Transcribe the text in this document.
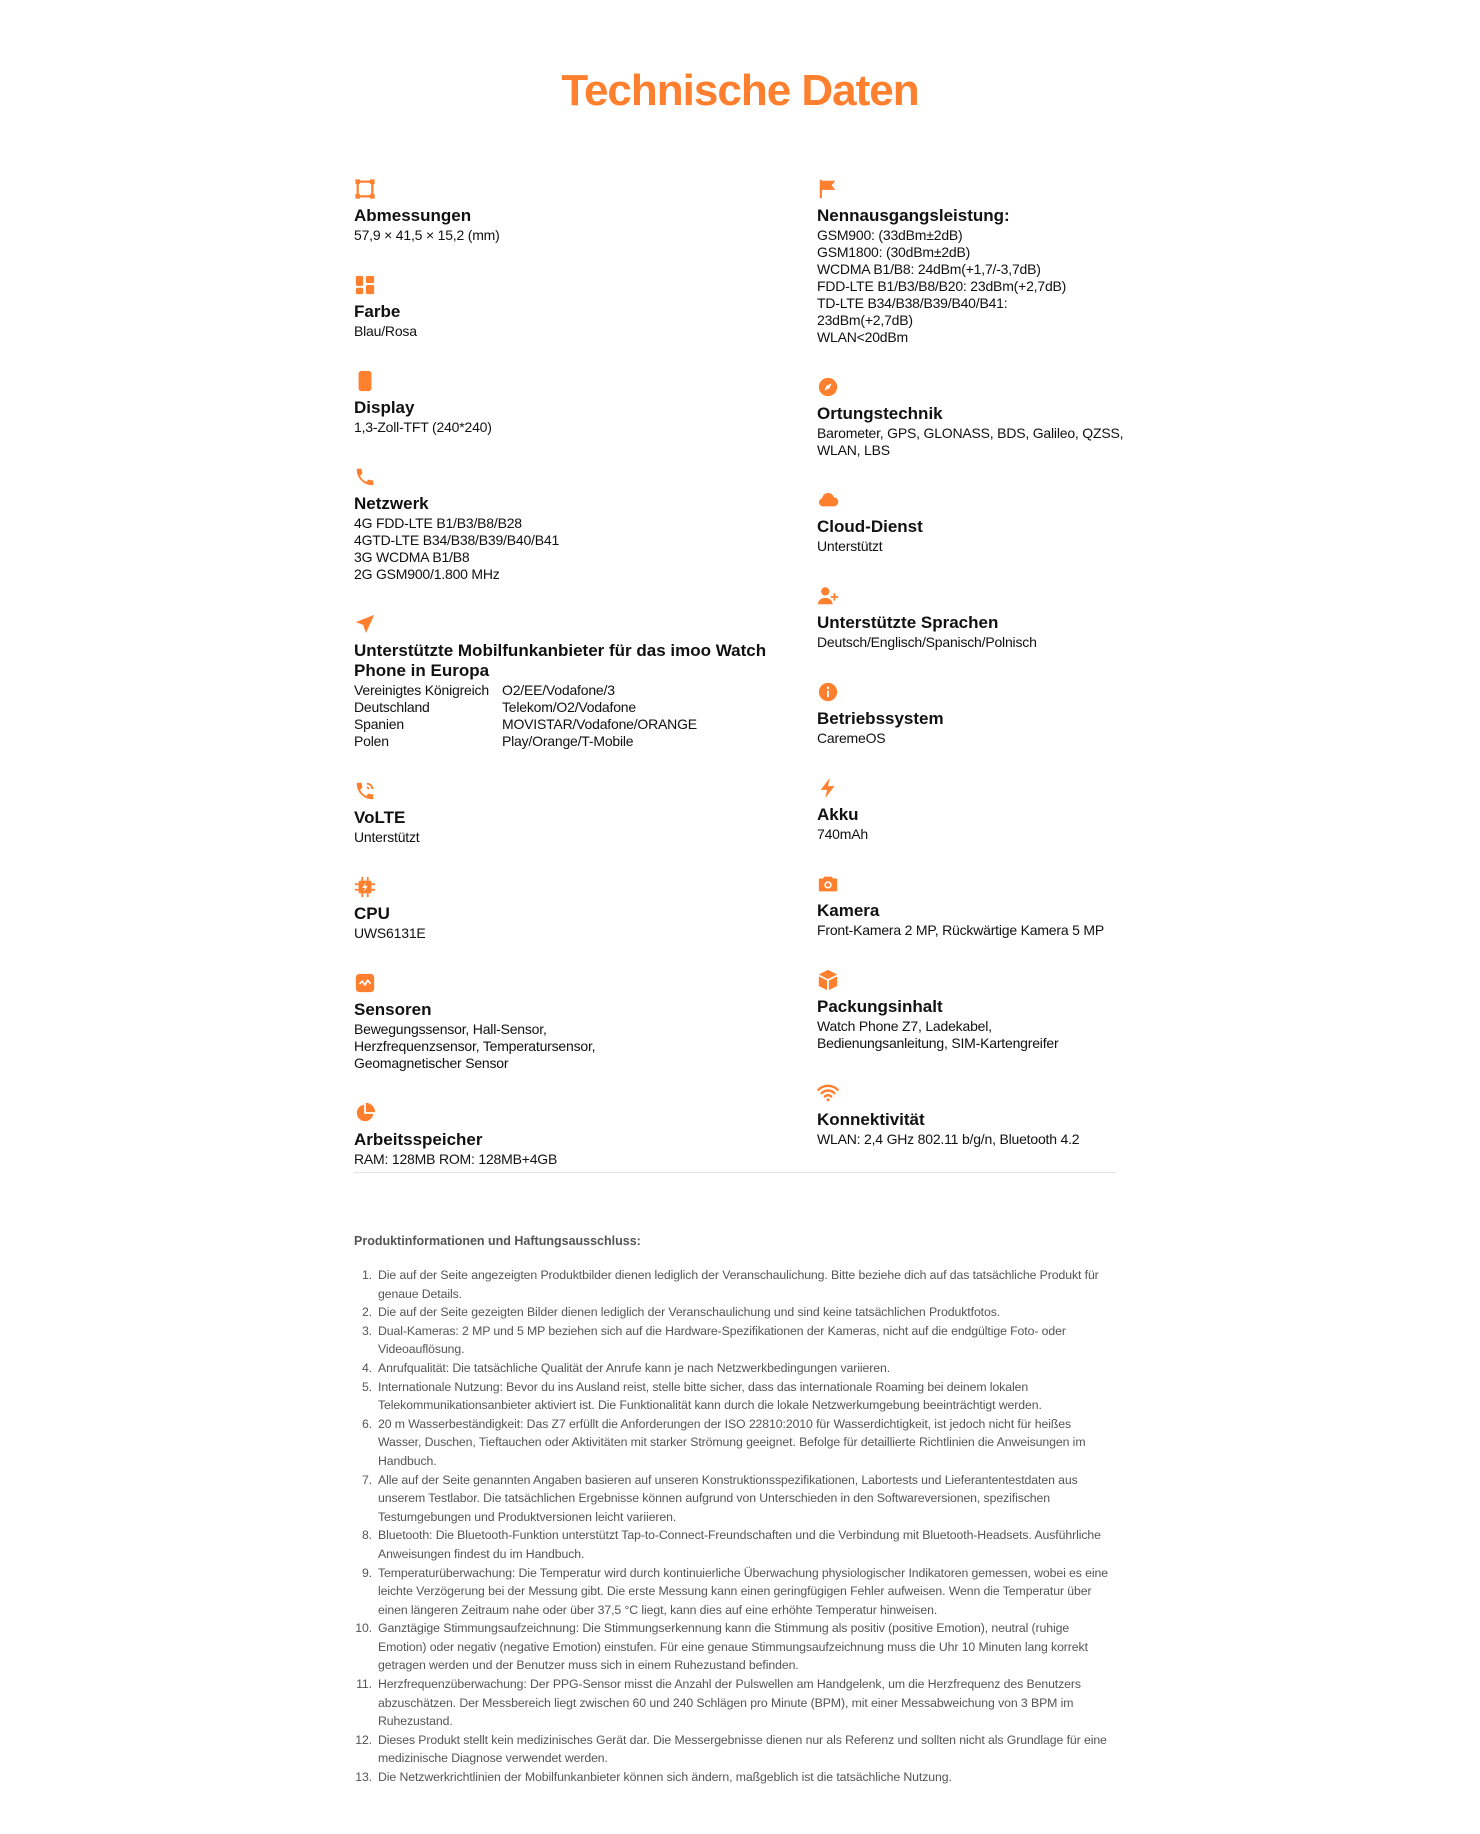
Technische Daten
Abmessungen
57,9 × 41,5 × 15,2 (mm)
Farbe
Blau/Rosa
Display
1,3-Zoll-TFT (240*240)
Netzwerk
4G FDD-LTE B1/B3/B8/B28
4GTD-LTE B34/B38/B39/B40/B41
3G WCDMA B1/B8
2G GSM900/1.800 MHz
Unterstützte Mobilfunkanbieter für das imoo Watch Phone in Europa
Vereinigtes Königreich	O2/EE/Vodafone/3
Deutschland	Telekom/O2/Vodafone
Spanien	MOVISTAR/Vodafone/ORANGE
Polen	Play/Orange/T-Mobile
VoLTE
Unterstützt
CPU
UWS6131E
Sensoren
Bewegungssensor, Hall-Sensor,
Herzfrequenzsensor, Temperatursensor,
Geomagnetischer Sensor
Arbeitsspeicher
RAM: 128MB ROM: 128MB+4GB
Nennausgangsleistung:
GSM900: (33dBm±2dB)
GSM1800: (30dBm±2dB)
WCDMA B1/B8: 24dBm(+1,7/-3,7dB)
FDD-LTE B1/B3/B8/B20: 23dBm(+2,7dB)
TD-LTE B34/B38/B39/B40/B41:
23dBm(+2,7dB)
WLAN<20dBm
Ortungstechnik
Barometer, GPS, GLONASS, BDS, Galileo, QZSS,
WLAN, LBS
Cloud-Dienst
Unterstützt
Unterstützte Sprachen
Deutsch/Englisch/Spanisch/Polnisch
Betriebssystem
CaremeOS
Akku
740mAh
Kamera
Front-Kamera 2 MP, Rückwärtige Kamera 5 MP
Packungsinhalt
Watch Phone Z7, Ladekabel,
Bedienungsanleitung, SIM-Kartengreifer
Konnektivität
WLAN: 2,4 GHz 802.11 b/g/n, Bluetooth 4.2
Produktinformationen und Haftungsausschluss:
1. Die auf der Seite angezeigten Produktbilder dienen lediglich der Veranschaulichung. Bitte beziehe dich auf das tatsächliche Produkt für genaue Details.
2. Die auf der Seite gezeigten Bilder dienen lediglich der Veranschaulichung und sind keine tatsächlichen Produktfotos.
3. Dual-Kameras: 2 MP und 5 MP beziehen sich auf die Hardware-Spezifikationen der Kameras, nicht auf die endgültige Foto- oder Videoauflösung.
4. Anrufqualität: Die tatsächliche Qualität der Anrufe kann je nach Netzwerkbedingungen variieren.
5. Internationale Nutzung: Bevor du ins Ausland reist, stelle bitte sicher, dass das internationale Roaming bei deinem lokalen Telekommunikationsanbieter aktiviert ist. Die Funktionalität kann durch die lokale Netzwerkumgebung beeinträchtigt werden.
6. 20 m Wasserbeständigkeit: Das Z7 erfüllt die Anforderungen der ISO 22810:2010 für Wasserdichtigkeit, ist jedoch nicht für heißes Wasser, Duschen, Tieftauchen oder Aktivitäten mit starker Strömung geeignet. Befolge für detaillierte Richtlinien die Anweisungen im Handbuch.
7. Alle auf der Seite genannten Angaben basieren auf unseren Konstruktionsspezifikationen, Labortests und Lieferantentestdaten aus unserem Testlabor. Die tatsächlichen Ergebnisse können aufgrund von Unterschieden in den Softwareversionen, spezifischen Testumgebungen und Produktversionen leicht variieren.
8. Bluetooth: Die Bluetooth-Funktion unterstützt Tap-to-Connect-Freundschaften und die Verbindung mit Bluetooth-Headsets. Ausführliche Anweisungen findest du im Handbuch.
9. Temperaturüberwachung: Die Temperatur wird durch kontinuierliche Überwachung physiologischer Indikatoren gemessen, wobei es eine leichte Verzögerung bei der Messung gibt. Die erste Messung kann einen geringfügigen Fehler aufweisen. Wenn die Temperatur über einen längeren Zeitraum nahe oder über 37,5 °C liegt, kann dies auf eine erhöhte Temperatur hinweisen.
10. Ganztägige Stimmungsaufzeichnung: Die Stimmungserkennung kann die Stimmung als positiv (positive Emotion), neutral (ruhige Emotion) oder negativ (negative Emotion) einstufen. Für eine genaue Stimmungsaufzeichnung muss die Uhr 10 Minuten lang korrekt getragen werden und der Benutzer muss sich in einem Ruhezustand befinden.
11. Herzfrequenzüberwachung: Der PPG-Sensor misst die Anzahl der Pulswellen am Handgelenk, um die Herzfrequenz des Benutzers abzuschätzen. Der Messbereich liegt zwischen 60 und 240 Schlägen pro Minute (BPM), mit einer Messabweichung von 3 BPM im Ruhezustand.
12. Dieses Produkt stellt kein medizinisches Gerät dar. Die Messergebnisse dienen nur als Referenz und sollten nicht als Grundlage für eine medizinische Diagnose verwendet werden.
13. Die Netzwerkrichtlinien der Mobilfunkanbieter können sich ändern, maßgeblich ist die tatsächliche Nutzung.
